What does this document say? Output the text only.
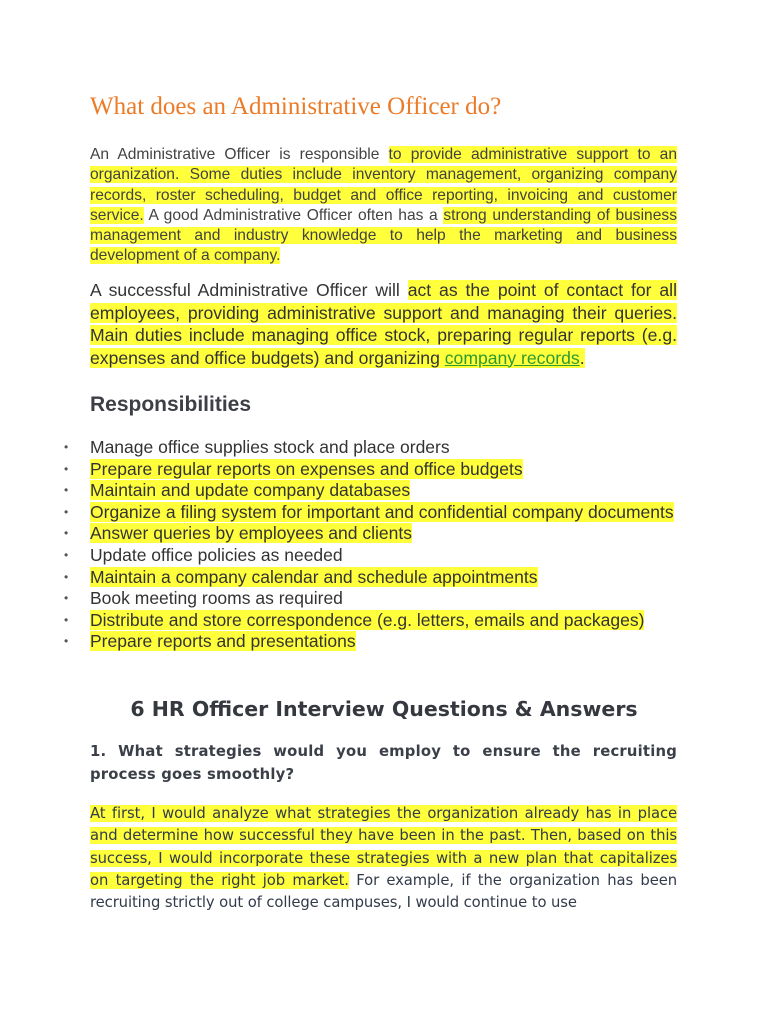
What does an Administrative Officer do?

An Administrative Officer is responsible to provide administrative support to an organization. Some duties include inventory management, organizing company records, roster scheduling, budget and office reporting, invoicing and customer service. A good Administrative Officer often has a strong understanding of business management and industry knowledge to help the marketing and business development of a company.

A successful Administrative Officer will act as the point of contact for all employees, providing administrative support and managing their queries. Main duties include managing office stock, preparing regular reports (e.g. expenses and office budgets) and organizing company records.

Responsibilities
• Manage office supplies stock and place orders
• Prepare regular reports on expenses and office budgets
• Maintain and update company databases
• Organize a filing system for important and confidential company documents
• Answer queries by employees and clients
• Update office policies as needed
• Maintain a company calendar and schedule appointments
• Book meeting rooms as required
• Distribute and store correspondence (e.g. letters, emails and packages)
• Prepare reports and presentations
6 HR Officer Interview Questions & Answers

1. What strategies would you employ to ensure the recruiting process goes smoothly?

At first, I would analyze what strategies the organization already has in place and determine how successful they have been in the past. Then, based on this success, I would incorporate these strategies with a new plan that capitalizes on targeting the right job market. For example, if the organization has been recruiting strictly out of college campuses, I would continue to use
